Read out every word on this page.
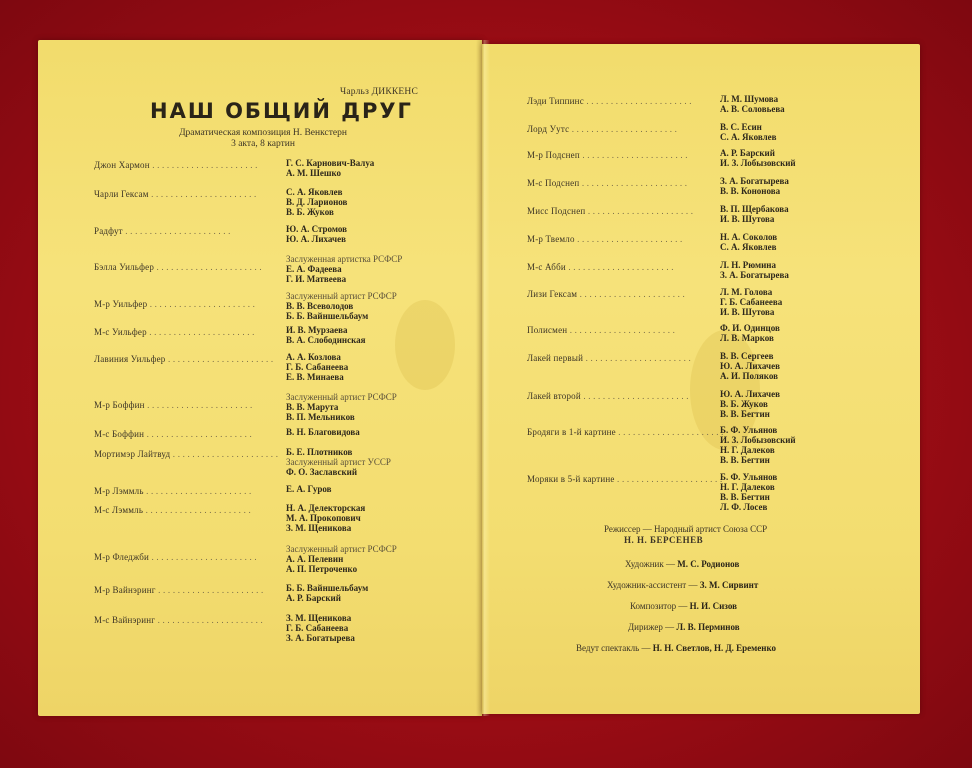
Чарльз ДИККЕНС
НАШ ОБЩИЙ ДРУГ
Драматическая композиция Н. Венкстерн
3 акта, 8 картин
Джон Хармон . . . . . . . . . . . . . . . . . . . . . .	Г. С. Карнович-Валуа
А. М. Шешко
Чарли Гексам . . . . . . . . . . . . . . . . . . . . . .	С. А. Яковлев
В. Д. Ларионов
В. Б. Жуков
Радфут . . . . . . . . . . . . . . . . . . . . . .	Ю. А. Стромов
Ю. А. Лихачев
Бэлла Уильфер . . . . . . . . . . . . . . . . . . . . . .
Заслуженная артистка РСФСР
Е. А. Фадеева
Г. И. Матвеева
М-р Уильфер . . . . . . . . . . . . . . . . . . . . . .
Заслуженный артист РСФСР
В. В. Всеволодов
Б. Б. Вайншельбаум
М-с Уильфер . . . . . . . . . . . . . . . . . . . . . .	И. В. Мурзаева
В. А. Слободинская
Лавиния Уильфер . . . . . . . . . . . . . . . . . . . . . . А. А. Козлова
Г. Б. Сабанеева
Е. В. Минаева
М-р Боффин . . . . . . . . . . . . . . . . . . . . . .
Заслуженный артист РСФСР
В. В. Марута
В. П. Мельников
М-с Боффин . . . . . . . . . . . . . . . . . . . . . .	В. Н. Благовидова
Мортимэр Лайтвуд . . . . . . . . . . . . . . . . . . . . . . Б. Е. Плотников
Заслуженный артист УССР
Ф. О. Заславский
М-р Лэммль . . . . . . . . . . . . . . . . . . . . . .	Е. А. Гуров
М-с Лэммль . . . . . . . . . . . . . . . . . . . . . .	Н. А. Делекторская
М. А. Прокопович
З. М. Щеникова
М-р Фледжби . . . . . . . . . . . . . . . . . . . . . .
Заслуженный артист РСФСР
А. А. Пелевин
А. П. Петроченко
М-р Вайнэринг . . . . . . . . . . . . . . . . . . . . . .	Б. Б. Вайншельбаум
А. Р. Барский
М-с Вайнэринг . . . . . . . . . . . . . . . . . . . . . .	З. М. Щеникова
Г. Б. Сабанеева
З. А. Богатырева
Лэди Типпинс . . . . . . . . . . . . . . . . . . . . . .	Л. М. Шумова
А. В. Соловьева
Лорд Уутс . . . . . . . . . . . . . . . . . . . . . .	В. С. Есин
С. А. Яковлев
М-р Подснеп . . . . . . . . . . . . . . . . . . . . . .	А. Р. Барский
И. З. Лобызовский
М-с Подснеп . . . . . . . . . . . . . . . . . . . . . .	З. А. Богатырева
В. В. Кононова
Мисс Подснеп . . . . . . . . . . . . . . . . . . . . . .	В. П. Щербакова
И. В. Шутова
М-р Твемло . . . . . . . . . . . . . . . . . . . . . .	Н. А. Соколов
С. А. Яковлев
М-с Абби . . . . . . . . . . . . . . . . . . . . . .	Л. Н. Рюмина
З. А. Богатырева
Лизи Гексам . . . . . . . . . . . . . . . . . . . . . .	Л. М. Голова
Г. Б. Сабанеева
И. В. Шутова
Полисмен . . . . . . . . . . . . . . . . . . . . . .	Ф. И. Одинцов
Л. В. Марков
Лакей первый . . . . . . . . . . . . . . . . . . . . . .	В. В. Сергеев
Ю. А. Лихачев
А. И. Поляков
Лакей второй . . . . . . . . . . . . . . . . . . . . . .	Ю. А. Лихачев
В. Б. Жуков
В. В. Бегтин
Бродяги в 1-й картине . . . . . . . . . . . . . . . . . . . . . .
Б. Ф. Ульянов
И. З. Лобызовский
Н. Г. Далеков
В. В. Бегтин
Моряки в 5-й картине . . . . . . . . . . . . . . . . . . . . . .
Б. Ф. Ульянов
Н. Г. Далеков
В. В. Бегтин
Л. Ф. Лосев
Режиссер — Народный артист Союза ССР
Н. Н. БЕРСЕНЕВ
Художник — М. С. Родионов
Художник-ассистент — З. М. Сирвинт
Композитор — Н. И. Сизов
Дирижер — Л. В. Перминов
Ведут спектакль — Н. Н. Светлов, Н. Д. Еременко
